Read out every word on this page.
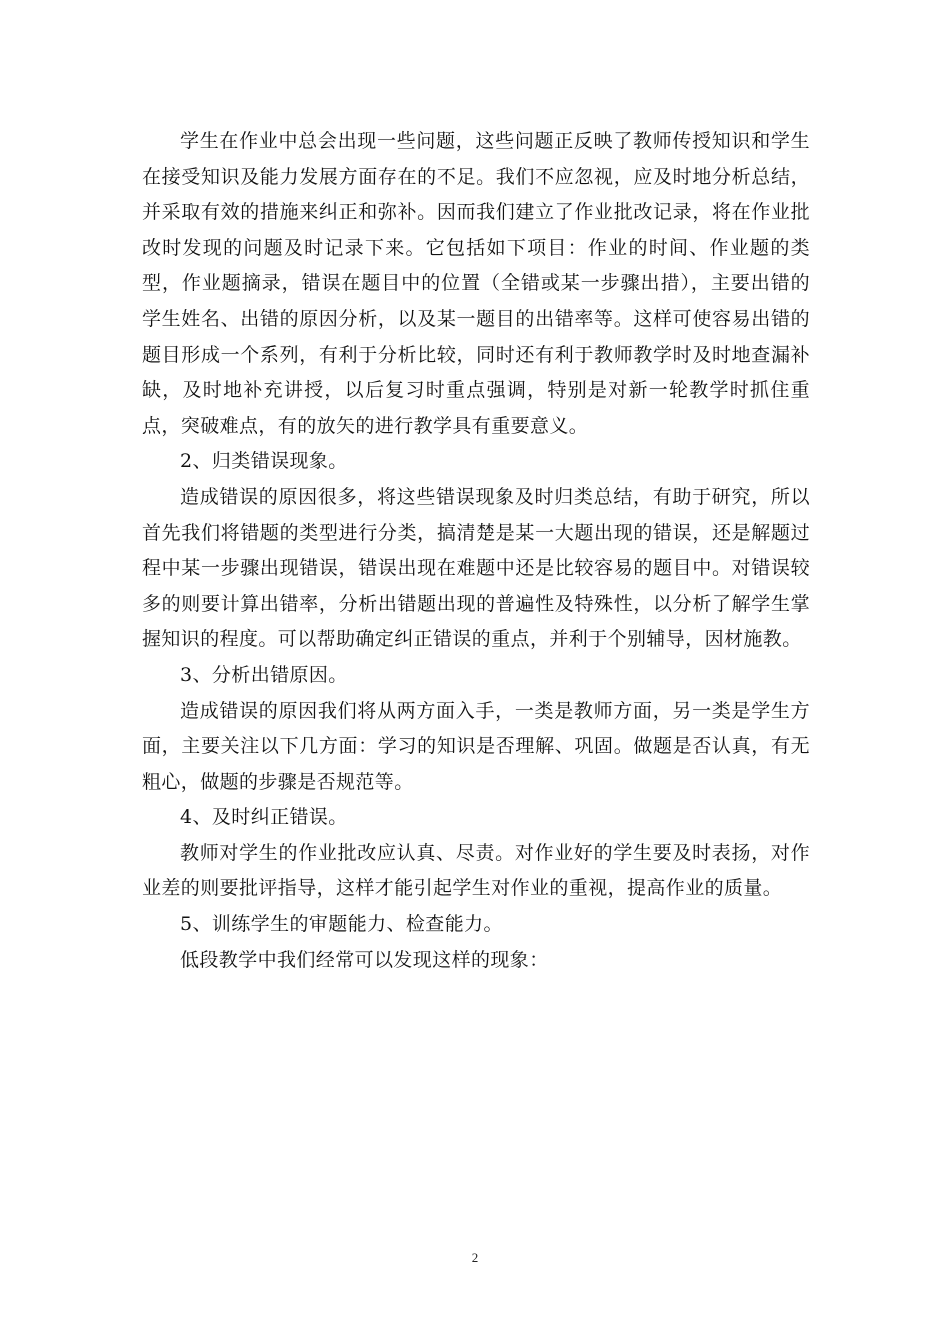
学生在作业中总会出现一些问题，这些问题正反映了教师传授知识和学生在接受知识及能力发展方面存在的不足。我们不应忽视，应及时地分析总结，并采取有效的措施来纠正和弥补。因而我们建立了作业批改记录，将在作业批改时发现的问题及时记录下来。它包括如下项目：作业的时间、作业题的类型，作业题摘录，错误在题目中的位置（全错或某一步骤出措），主要出错的学生姓名、出错的原因分析，以及某一题目的出错率等。这样可使容易出错的题目形成一个系列，有利于分析比较，同时还有利于教师教学时及时地查漏补缺，及时地补充讲授，以后复习时重点强调，特别是对新一轮教学时抓住重点，突破难点，有的放矢的进行教学具有重要意义。

2、归类错误现象。

造成错误的原因很多，将这些错误现象及时归类总结，有助于研究，所以首先我们将错题的类型进行分类，搞清楚是某一大题出现的错误，还是解题过程中某一步骤出现错误，错误出现在难题中还是比较容易的题目中。对错误较多的则要计算出错率，分析出错题出现的普遍性及特殊性，以分析了解学生掌握知识的程度。可以帮助确定纠正错误的重点，并利于个别辅导，因材施教。

3、分析出错原因。

造成错误的原因我们将从两方面入手，一类是教师方面，另一类是学生方面，主要关注以下几方面：学习的知识是否理解、巩固。做题是否认真，有无粗心，做题的步骤是否规范等。

4、及时纠正错误。

教师对学生的作业批改应认真、尽责。对作业好的学生要及时表扬，对作业差的则要批评指导，这样才能引起学生对作业的重视，提高作业的质量。

5、训练学生的审题能力、检查能力。

低段教学中我们经常可以发现这样的现象：

2
